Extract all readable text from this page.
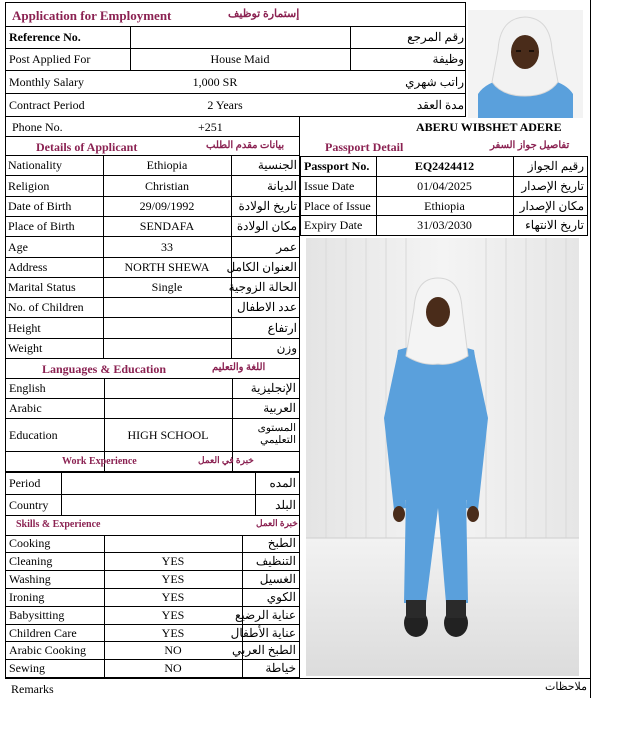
Application for Employment	إستمارة توظيف
Reference No.	رقم المرجع
Post Applied For	House Maid	وظيفة
Monthly Salary	1,000 SR	راتب شهري
Contract Period	2 Years	مدة العقد
Phone No.	+251	ABERU WIBSHET ADERE
Details of Applicant	بيانات مقدم الطلب
Nationality	Ethiopia	الجنسية
Religion	Christian	الديانة
Date of Birth	29/09/1992	تاريخ الولادة
Place of Birth	SENDAFA	مكان الولادة
Age	33	عمر
Address	NORTH SHEWA	العنوان الكامل
Marital Status	Single	الحالة الزوجية
No. of Children	عدد الاطفال
Height	ارتفاع
Weight	وزن
Languages & Education	اللغة والتعليم
English	الإنجليزية
Arabic	العربية
Education	HIGH SCHOOL	المستوى التعليمي
Work Experience	خبرة في العمل
Period	المده
Country	البلد
Skills & Experience	خبرة العمل
Cooking	الطبخ
Cleaning	YES	التنظيف
Washing	YES	الغسيل
Ironing	YES	الكوي
Babysitting	YES	عناية الرضيع
Children Care	YES	عناية الأطفال
Arabic Cooking	NO	الطبخ العربي
Sewing	NO	خياطة
Passport Detail	تفاصيل جواز السفر
Passport No.	EQ2424412	رقيم الجواز
Issue Date	01/04/2025	تاريخ الإصدار
Place of Issue	Ethiopia	مكان الإصدار
Expiry Date	31/03/2030	تاريخ الانتهاء
Remarks	ملاحظات
